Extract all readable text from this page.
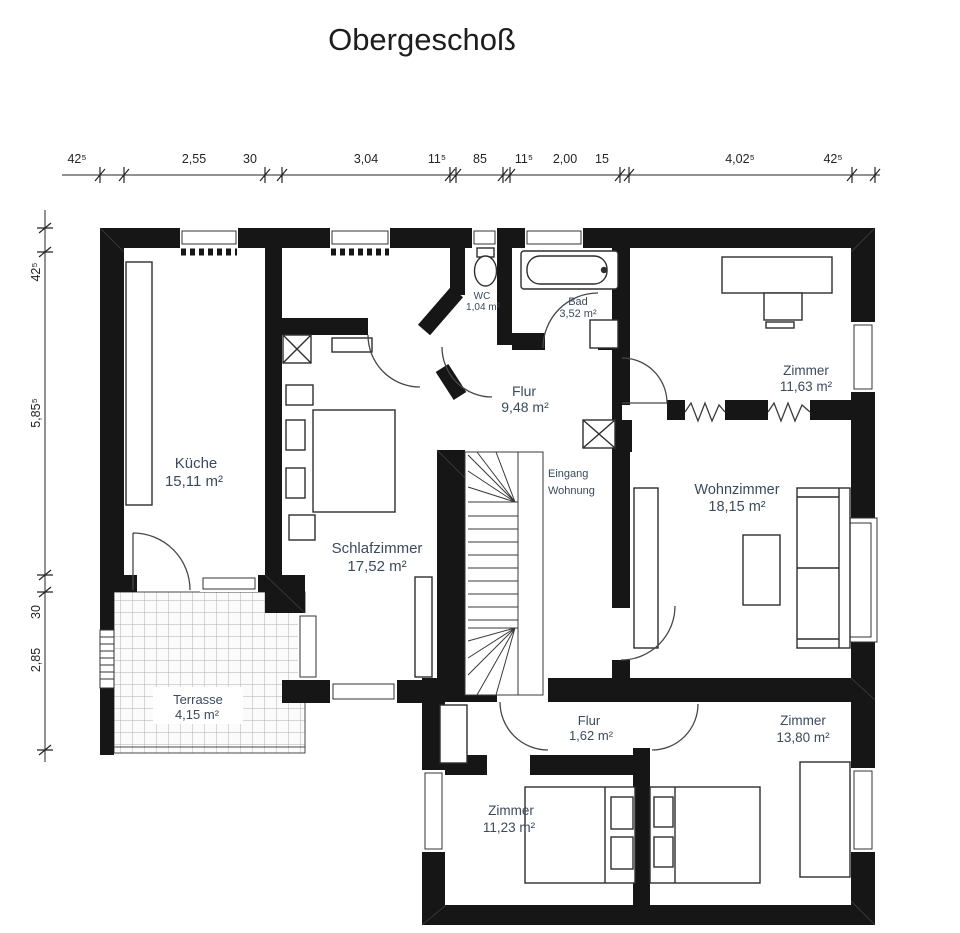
Obergeschoß
42⁵	2,55	30	3,04	11⁵ 85 11⁵ 2,00 15	4,02⁵	42⁵
42⁵
5,85⁵
30
2,85
Küche
15,11 m²
Schlafzimmer
17,52 m²
WC
1,04 m²	Bad
3,52 m²
Flur
9,48 m²
Zimmer
11,63 m²
Wohnzimmer
18,15 m²
Eingang
Wohnung
Terrasse
4,15 m²	Flur
1,62 m²
Zimmer
11,23 m²
Zimmer
13,80 m²
